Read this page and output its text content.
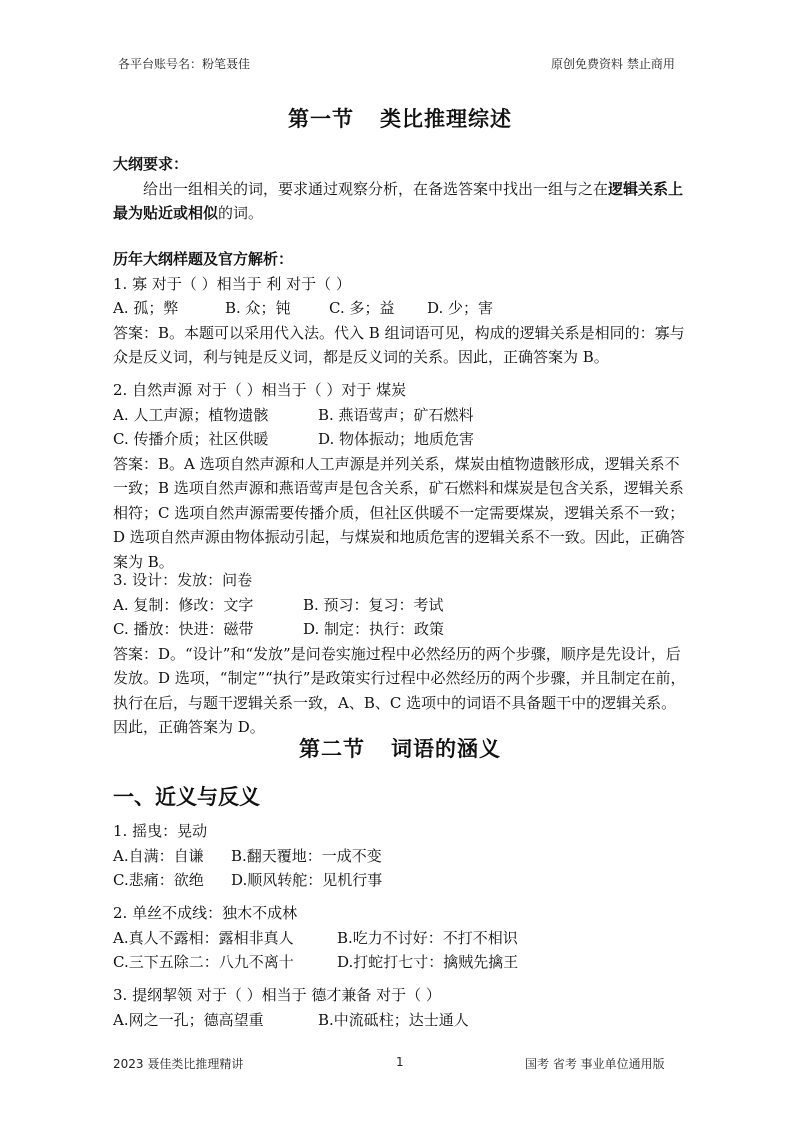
各平台账号名：粉笔聂佳	原创免费资料 禁止商用
第一节 类比推理综述

大纲要求：

给出一组相关的词，要求通过观察分析，在备选答案中找出一组与之在逻辑关系上最为贴近或相似的词。

历年大纲样题及官方解析：

1. 寡 对于（ ）相当于 利 对于（ ）

A. 孤；弊	B. 众；钝	C. 多；益 D. 少；害

答案：B。本题可以采用代入法。代入 B 组词语可见，构成的逻辑关系是相同的：寡与众是反义词，利与钝是反义词，都是反义词的关系。因此，正确答案为 B。

2. 自然声源 对于（ ）相当于（ ）对于 煤炭

A. 人工声源；植物遗骸	B. 燕语莺声；矿石燃料

C. 传播介质；社区供暖	D. 物体振动；地质危害

答案：B。A 选项自然声源和人工声源是并列关系，煤炭由植物遗骸形成，逻辑关系不一致；B 选项自然声源和燕语莺声是包含关系，矿石燃料和煤炭是包含关系，逻辑关系相符；C 选项自然声源需要传播介质，但社区供暖不一定需要煤炭，逻辑关系不一致；D 选项自然声源由物体振动引起，与煤炭和地质危害的逻辑关系不一致。因此，正确答案为 B。

3. 设计：发放：问卷

A. 复制：修改：文字	B. 预习：复习：考试

C. 播放：快进：磁带	D. 制定：执行：政策

答案：D。“设计”和“发放”是问卷实施过程中必然经历的两个步骤，顺序是先设计，后发放。D 选项，“制定”“执行”是政策实行过程中必然经历的两个步骤，并且制定在前，执行在后，与题干逻辑关系一致，A、B、C 选项中的词语不具备题干中的逻辑关系。因此，正确答案为 D。

第二节 词语的涵义
一、近义与反义

1. 摇曳：晃动

A.自满：自谦 B.翻天覆地：一成不变

C.悲痛：欲绝 D.顺风转舵：见机行事

2. 单丝不成线：独木不成林

A.真人不露相：露相非真人	B.吃力不讨好：不打不相识

C.三下五除二：八九不离十	D.打蛇打七寸：擒贼先擒王

3. 提纲挈领 对于（ ）相当于 德才兼备 对于（ ）

A.网之一孔；德高望重	B.中流砥柱；达士通人

2023 聂佳类比推理精讲	1	国考 省考 事业单位通用版
